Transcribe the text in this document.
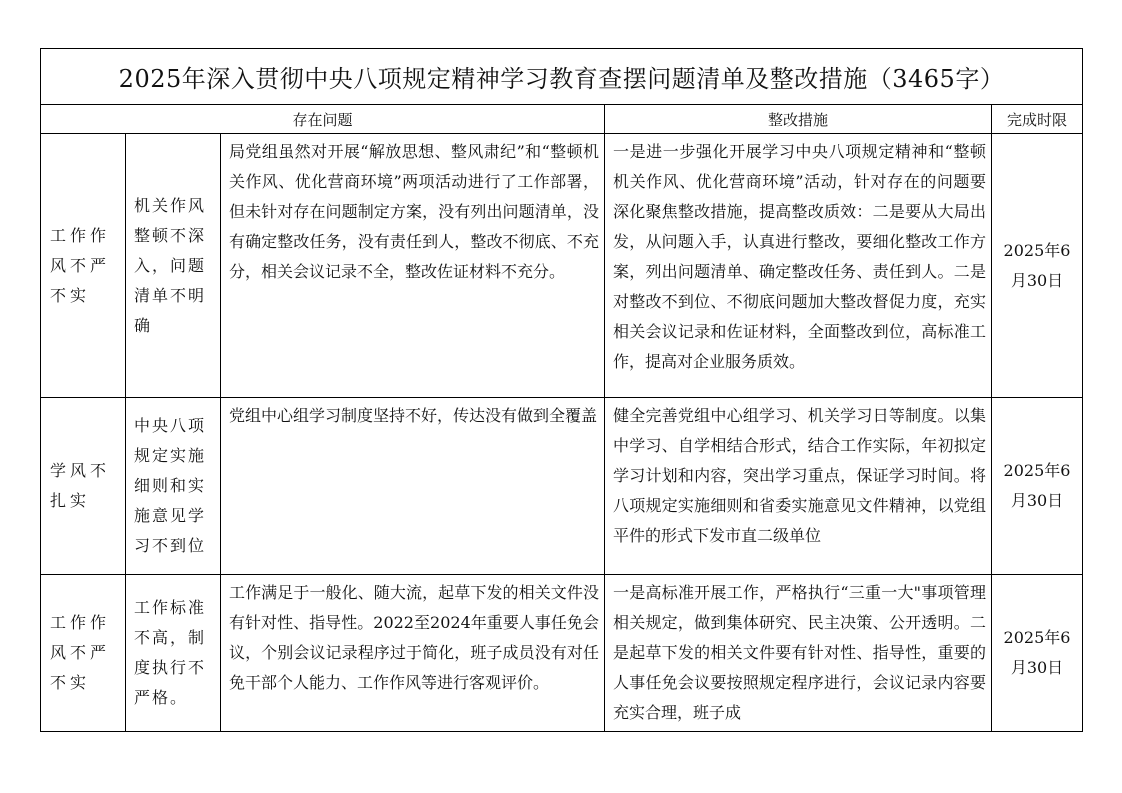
2025年深入贯彻中央八项规定精神学习教育查摆问题清单及整改措施（3465字）				
存在问题			整改措施	完成时限
工作作风不严不实	机关作风整顿不深入，问题清单不明确	局党组虽然对开展“解放思想、整风肃纪”和“整顿机关作风、优化营商环境”两项活动进行了工作部署，但未针对存在问题制定方案，没有列出问题清单，没有确定整改任务，没有责任到人，整改不彻底、不充分，相关会议记录不全，整改佐证材料不充分。	一是进一步强化开展学习中央八项规定精神和“整顿机关作风、优化营商环境”活动，针对存在的问题要深化聚焦整改措施，提高整改质效：二是要从大局出发，从问题入手，认真进行整改，要细化整改工作方案，列出问题清单、确定整改任务、责任到人。二是对整改不到位、不彻底问题加大整改督促力度，充实相关会议记录和佐证材料，全面整改到位，高标准工作，提高对企业服务质效。	2025年6月30日
学风不扎实	中央八项规定实施细则和实施意见学习不到位	党组中心组学习制度坚持不好，传达没有做到全覆盖	健全完善党组中心组学习、机关学习日等制度。以集中学习、自学相结合形式，结合工作实际，年初拟定学习计划和内容，突出学习重点，保证学习时间。将八项规定实施细则和省委实施意见文件精神，以党组平件的形式下发市直二级单位	2025年6月30日
工作作风不严不实	工作标准不高，制度执行不严格。	工作满足于一般化、随大流，起草下发的相关文件没有针对性、指导性。2022至2024年重要人事任免会议，个别会议记录程序过于简化，班子成员没有对任免干部个人能力、工作作风等进行客观评价。	一是高标准开展工作，严格执行“三重一大"事项管理相关规定，做到集体研究、民主决策、公开透明。二是起草下发的相关文件要有针对性、指导性，重要的人事任免会议要按照规定程序进行，会议记录内容要充实合理，班子成	2025年6月30日
